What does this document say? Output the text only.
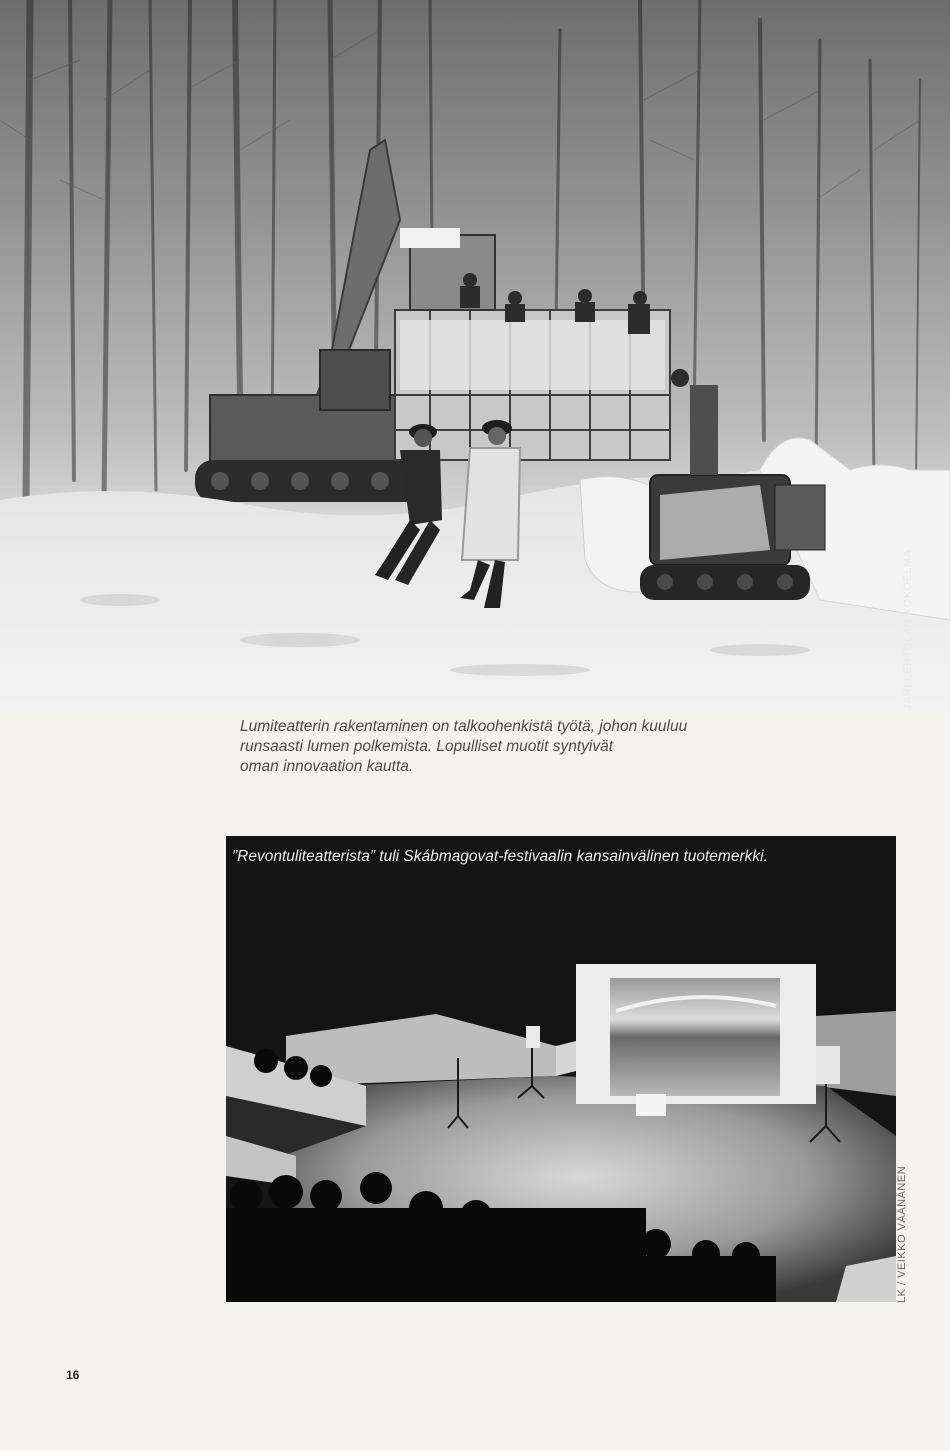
JARI LEHTOLAN KOKOELMA

Lumiteatterin rakentaminen on talkoohenkistä työtä, johon kuuluu
runsaasti lumen polkemista. Lopulliset muotit syntyivät
oman innovaation kautta.

”Revontuliteatterista” tuli Skábmagovat-festivaalin kansainvälinen tuotemerkki.

LK / VEIKKO VÄÄNÄNEN
16
